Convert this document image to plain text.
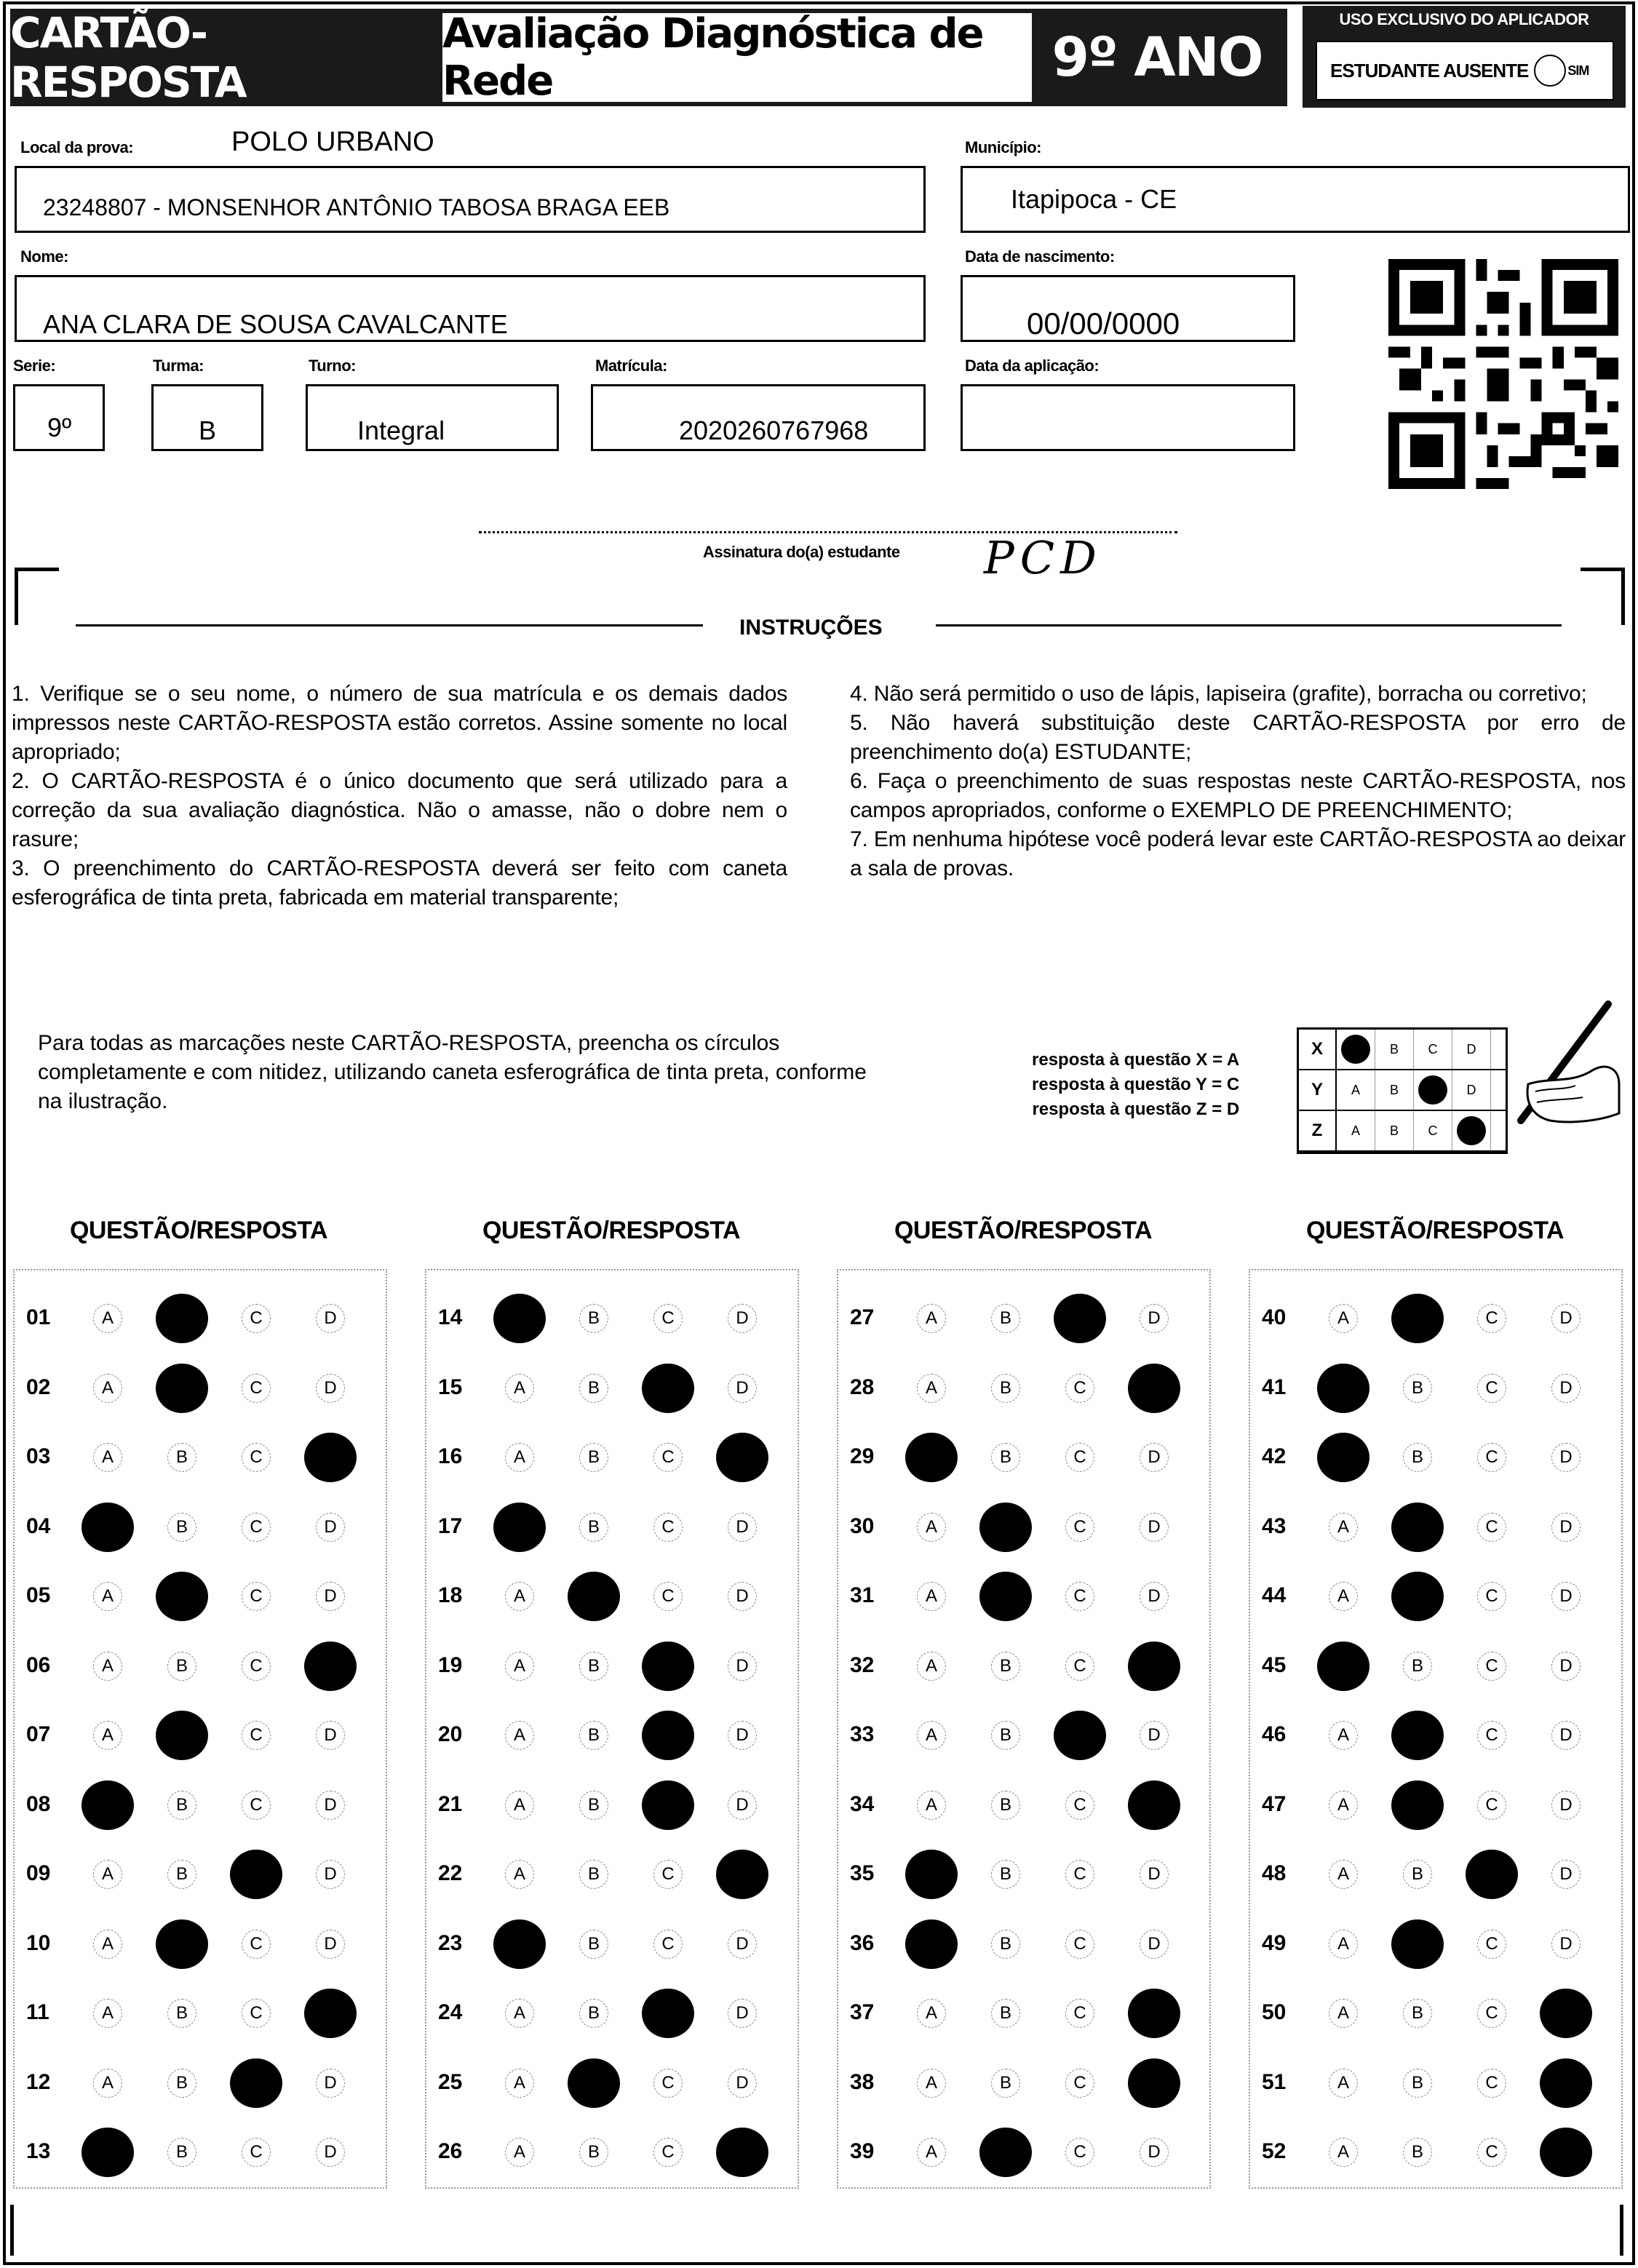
CARTÃO-RESPOSTA
Avaliação Diagnóstica de Rede	9º ANO
USO EXCLUSIVO DO APLICADOR
ESTUDANTE AUSENTE	SIM
Local da prova:	POLO URBANO
23248807 - MONSENHOR ANTÔNIO TABOSA BRAGA EEB
Município:
Itapipoca - CE
Nome:
ANA CLARA DE SOUSA CAVALCANTE
Data de nascimento:
00/00/0000
Serie:
9º
Turma:
B
Turno:
Integral
Matrícula:
2020260767968
Data da aplicação:
Assinatura do(a) estudante PCD
INSTRUÇÕES

1. Verifique se o seu nome, o número de sua matrícula e os demais dados impressos neste CARTÃO-RESPOSTA estão corretos. Assine somente no local apropriado;

2. O CARTÃO-RESPOSTA é o único documento que será utilizado para a correção da sua avaliação diagnóstica. Não o amasse, não o dobre nem o rasure;

3. O preenchimento do CARTÃO-RESPOSTA deverá ser feito com caneta esferográfica de tinta preta, fabricada em material transparente;

4. Não será permitido o uso de lápis, lapiseira (grafite), borracha ou corretivo;

5. Não haverá substituição deste CARTÃO-RESPOSTA por erro de preenchimento do(a) ESTUDANTE;

6. Faça o preenchimento de suas respostas neste CARTÃO-RESPOSTA, nos campos apropriados, conforme o EXEMPLO DE PREENCHIMENTO;

7. Em nenhuma hipótese você poderá levar este CARTÃO-RESPOSTA ao deixar a sala de provas.

Para todas as marcações neste CARTÃO-RESPOSTA, preencha os círculos completamente e com nitidez, utilizando caneta esferográfica de tinta preta, conforme na ilustração.
resposta à questão X = A
resposta à questão Y = C
resposta à questão Z = D
X	B	C	D
Y	A	B	D
Z	A	B	C
QUESTÃO/RESPOSTA
01	A	C	D
02	A	C	D
03	A	B	C
04	B	C	D
05	A	C	D
06	A	B	C
07	A	C	D
08	B	C	D
09	A	B	D
10	A	C	D
11	A	B	C
12	A	B	D
13	B	C	D
QUESTÃO/RESPOSTA
14	B	C	D
15	A	B	D
16	A	B	C
17	B	C	D
18	A	C	D
19	A	B	D
20	A	B	D
21	A	B	D
22	A	B	C
23	B	C	D
24	A	B	D
25	A	C	D
26	A	B	C
QUESTÃO/RESPOSTA
27	A	B	D
28	A	B	C
29	B	C	D
30	A	C	D
31	A	C	D
32	A	B	C
33	A	B	D
34	A	B	C
35	B	C	D
36	B	C	D
37	A	B	C
38	A	B	C
39	A	C	D
QUESTÃO/RESPOSTA
40	A	C	D
41	B	C	D
42	B	C	D
43	A	C	D
44	A	C	D
45	B	C	D
46	A	C	D
47	A	C	D
48	A	B	D
49	A	C	D
50	A	B	C
51	A	B	C
52	A	B	C
